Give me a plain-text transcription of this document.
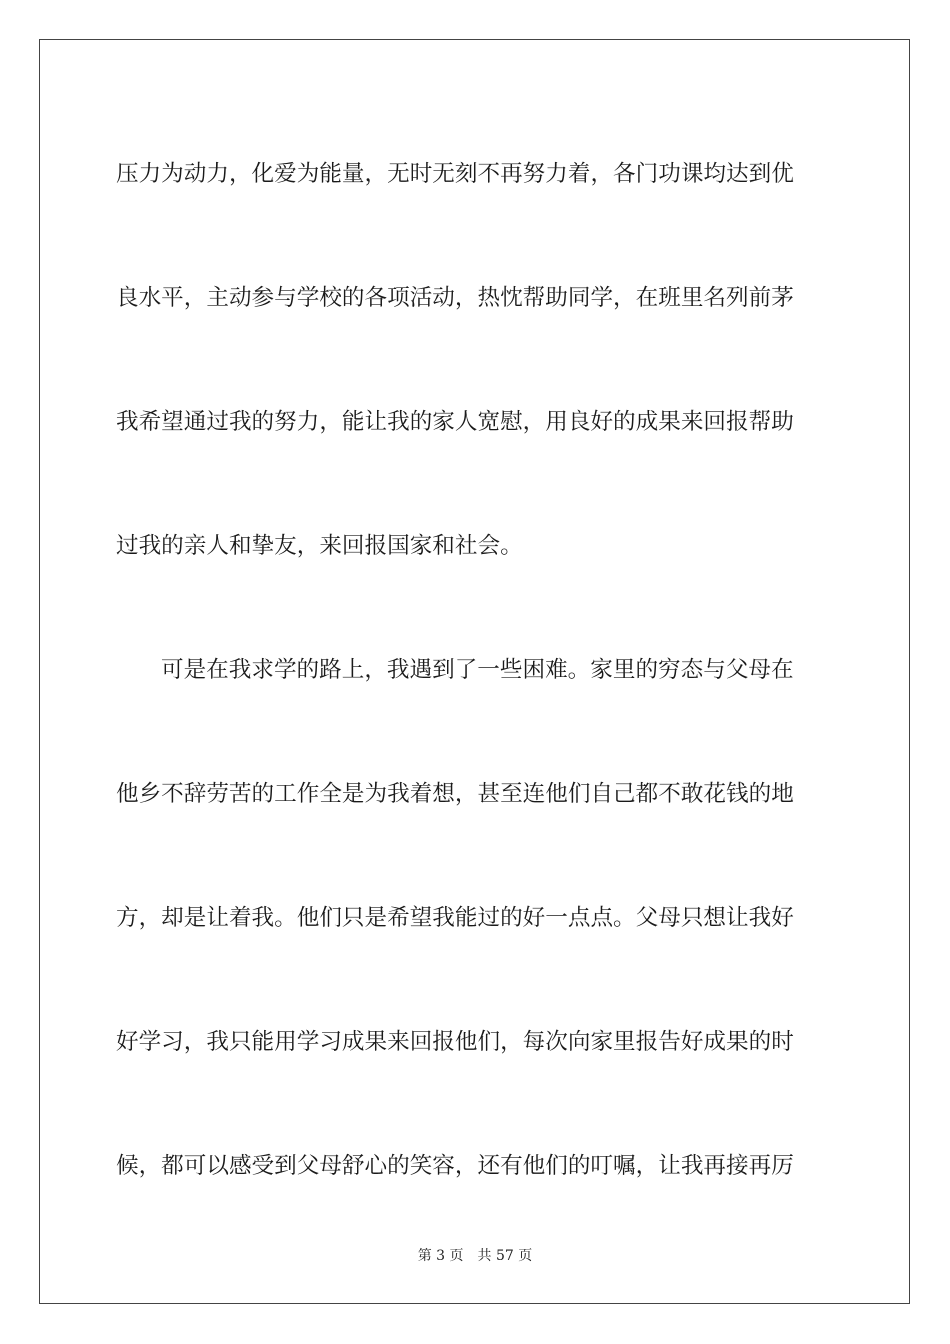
压力为动力，化爱为能量，无时无刻不再努力着，各门功课均达到优

良水平，主动参与学校的各项活动，热忱帮助同学，在班里名列前茅

我希望通过我的努力，能让我的家人宽慰，用良好的成果来回报帮助

过我的亲人和挚友，来回报国家和社会。

可是在我求学的路上，我遇到了一些困难。家里的穷态与父母在

他乡不辞劳苦的工作全是为我着想，甚至连他们自己都不敢花钱的地

方，却是让着我。他们只是希望我能过的好一点点。父母只想让我好

好学习，我只能用学习成果来回报他们，每次向家里报告好成果的时

候，都可以感受到父母舒心的笑容，还有他们的叮嘱，让我再接再厉

第 3 页 共 57 页
